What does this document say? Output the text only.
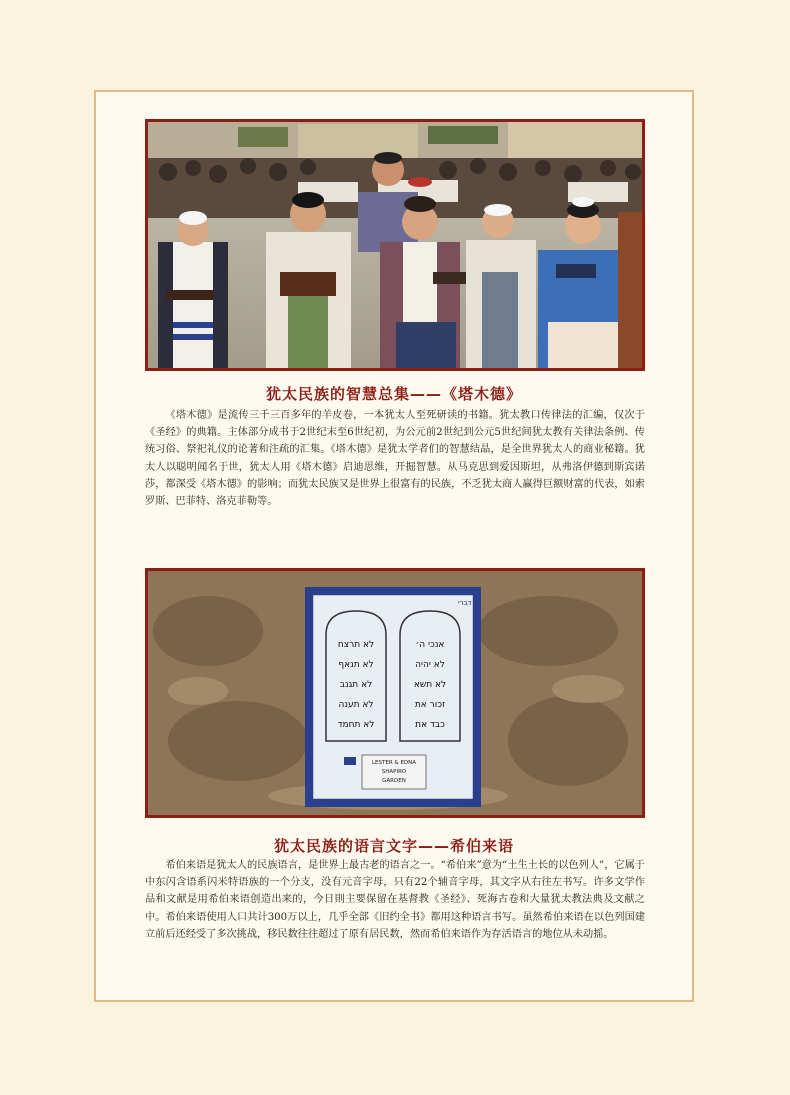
犹太民族的智慧总集——《塔木德》

《塔木德》是流传三千三百多年的羊皮卷，一本犹太人至死研读的书籍。犹太教口传律法的汇编，仅次于《圣经》的典籍。主体部分成书于2世纪末至6世纪初，为公元前2世纪到公元5世纪间犹太教有关律法条例、传统习俗、祭祀礼仪的论著和注疏的汇集。《塔木德》是犹太学者们的智慧结晶，是全世界犹太人的商业秘籍。犹太人以聪明闻名于世，犹太人用《塔木德》启迪思维，开掘智慧。从马克思到爱因斯坦，从弗洛伊德到斯宾诺莎，都深受《塔木德》的影响；而犹太民族又是世界上很富有的民族，不乏犹太商人赢得巨额财富的代表，如索罗斯、巴菲特、洛克菲勒等。

דברי
לא תרצח
לא תנאף
לא תגנב
לא תענה
לא תחמד
אנכי ה׳
לא יהיה
לא תשא
זכור את
כבד את
LESTER & EDNA
SHAPIRO
GARDEN
犹太民族的语言文字——希伯来语

希伯来语是犹太人的民族语言，是世界上最古老的语言之一。“希伯来”意为“土生土长的以色列人”，它属于中东闪含语系闪米特语族的一个分支，没有元音字母，只有22个辅音字母，其文字从右往左书写。许多文学作品和文献是用希伯来语创造出来的，今日則主要保留在基督教《圣经》、死海古卷和大量犹太教法典及文献之中。希伯来语使用人口共计300万以上，几乎全部《旧约全书》都用这种语言书写。虽然希伯来语在以色列国建立前后还经受了多次挑战，移民数往往超过了原有居民数，然而希伯来语作为存活语言的地位从未动摇。
